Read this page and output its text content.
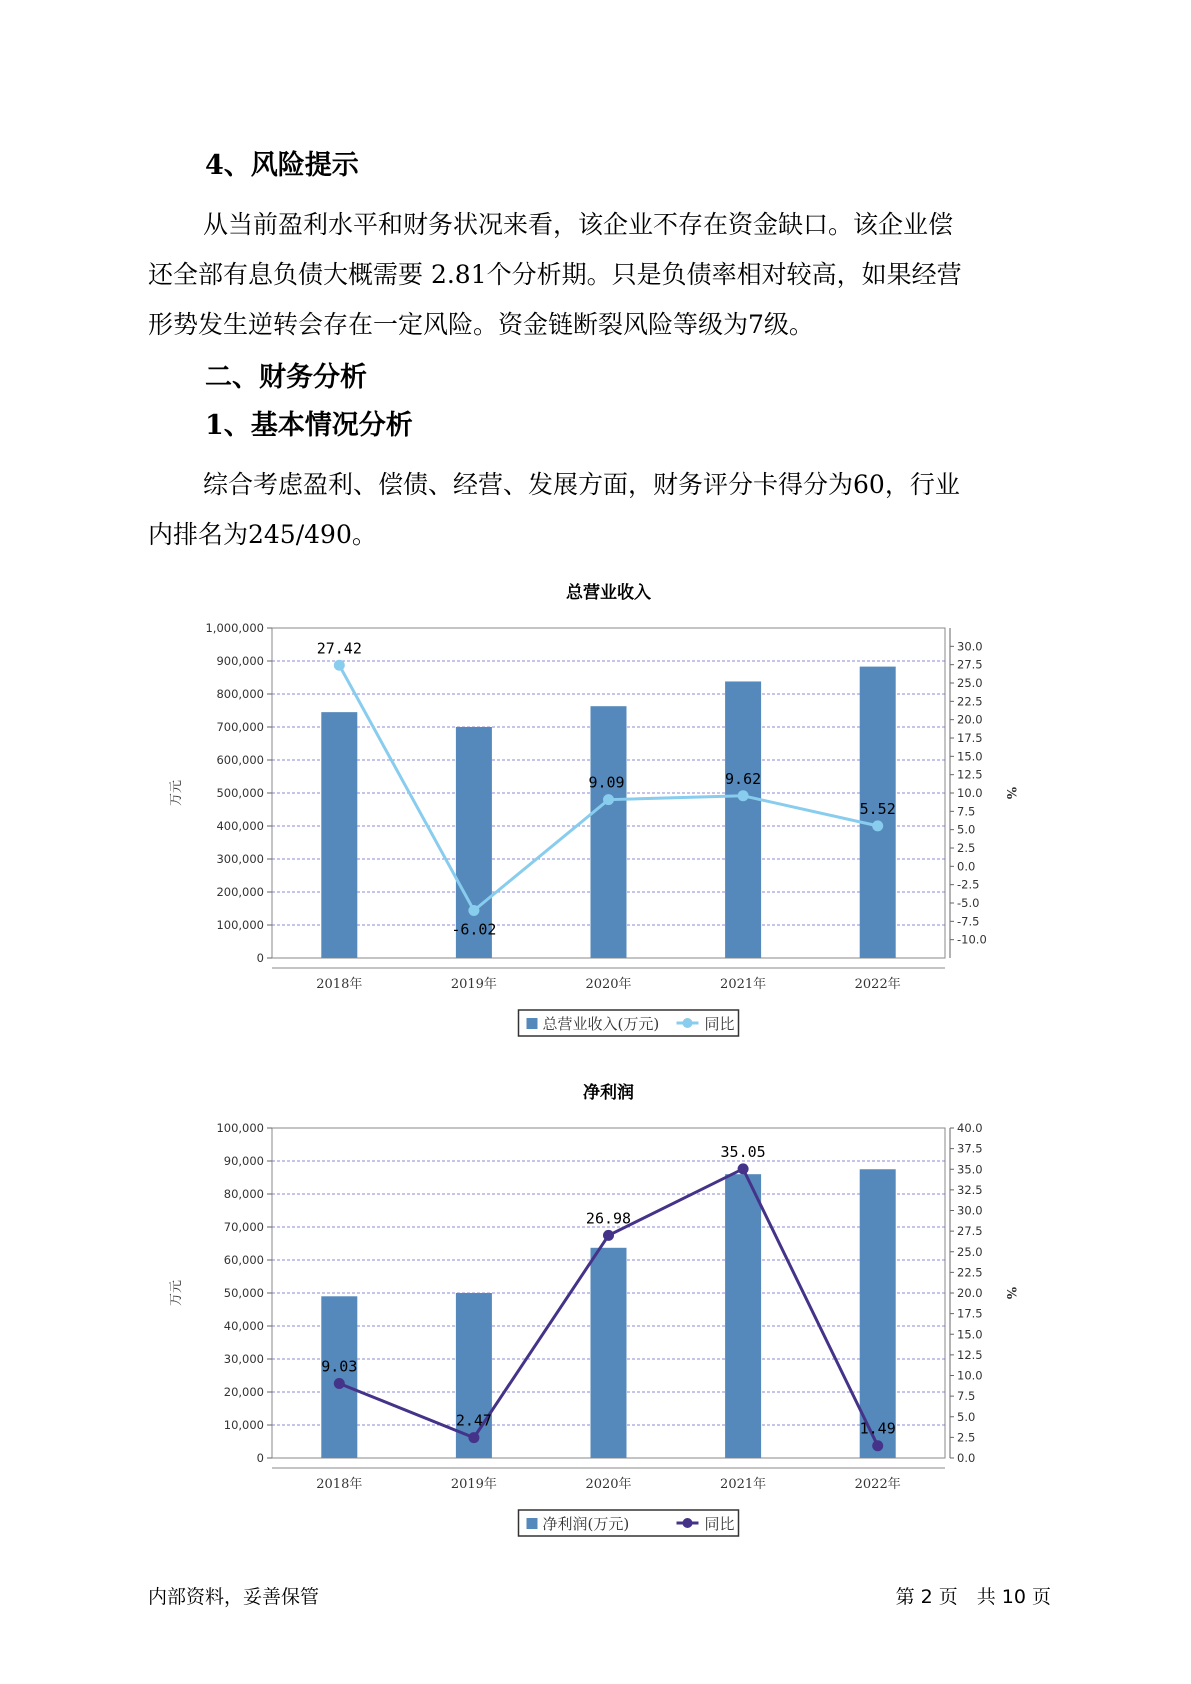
4、风险提示

从当前盈利水平和财务状况来看，该企业不存在资金缺口。该企业偿
还全部有息负债大概需要 2.81个分析期。只是负债率相对较高，如果经营
形势发生逆转会存在一定风险。资金链断裂风险等级为7级。

二、财务分析
1、基本情况分析

综合考虑盈利、偿债、经营、发展方面，财务评分卡得分为60，行业
内排名为245/490。

总营业收入
0
100,000
200,000
300,000
400,000
500,000
600,000
700,000
800,000
900,000
1,000,000
-10.0
-7.5
-5.0
-2.5
0.0
2.5
5.0
7.5
10.0
12.5
15.0
17.5
20.0
22.5
25.0
27.5
30.0
万元	%
2018年	2019年	2020年	2021年	2022年
27.42
-6.02
9.09	9.62
5.52
总营业收入(万元)	同比
净利润
0
10,000
20,000
30,000
40,000
50,000
60,000
70,000
80,000
90,000
100,000
0.0
2.5
5.0
7.5
10.0
12.5
15.0
17.5
20.0
22.5
25.0
27.5
30.0
32.5
35.0
37.5
40.0
万元	%
2018年	2019年	2020年	2021年	2022年
9.03
2.47
26.98
35.05
1.49
净利润(万元)	同比
内部资料，妥善保管	第 2 页　共 10 页
